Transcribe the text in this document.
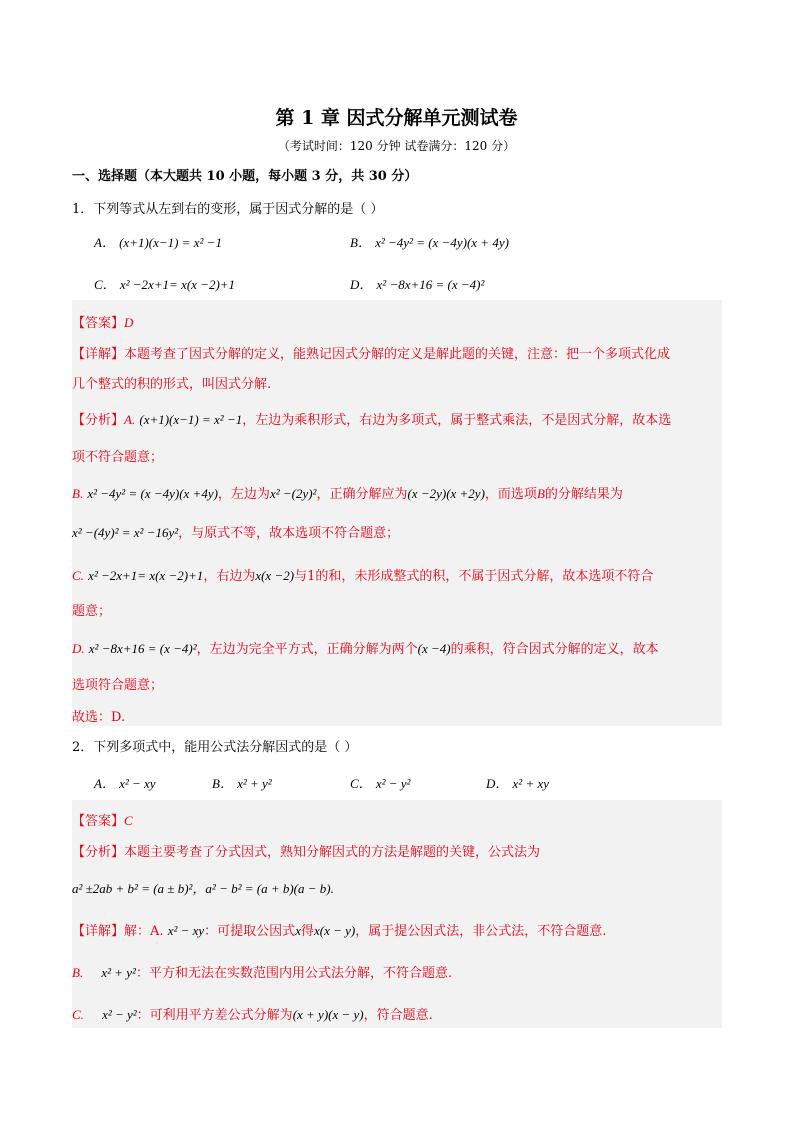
第 1 章 因式分解单元测试卷
（考试时间：120 分钟 试卷满分：120 分）
一、选择题（本大题共 10 小题，每小题 3 分，共 30 分）
1．下列等式从左到右的变形，属于因式分解的是（ ）
A． (x+1)(x−1) = x² −1	B． x² −4y² = (x −4y)(x + 4y)
C． x² −2x+1= x(x −2)+1	D． x² −8x+16 = (x −4)²
【答案】D
【详解】本题考查了因式分解的定义，能熟记因式分解的定义是解此题的关键，注意：把一个多项式化成
几个整式的积的形式，叫因式分解.
【分析】A. (x+1)(x−1) = x² −1，左边为乘积形式，右边为多项式，属于整式乘法，不是因式分解，故本选
项不符合题意；
B. x² −4y² = (x −4y)(x +4y)，左边为x² −(2y)²，正确分解应为(x −2y)(x +2y)，而选项B的分解结果为
x² −(4y)² = x² −16y²，与原式不等，故本选项不符合题意；
C. x² −2x+1= x(x −2)+1，右边为x(x −2)与1的和，未形成整式的积，不属于因式分解，故本选项不符合
题意；
D. x² −8x+16 = (x −4)²，左边为完全平方式，正确分解为两个(x −4)的乘积，符合因式分解的定义，故本
选项符合题意；
故选：D.
2．下列多项式中，能用公式法分解因式的是（ ）
A． x² − xy	B． x² + y²	C． x² − y²	D． x² + xy
【答案】C
【分析】本题主要考查了分式因式，熟知分解因式的方法是解题的关键，公式法为
a² ±2ab + b² = (a ± b)²，a² − b² = (a + b)(a − b).
【详解】解：A. x² − xy：可提取公因式x得x(x − y)，属于提公因式法，非公式法，不符合题意.
B. x² + y²：平方和无法在实数范围内用公式法分解，不符合题意.
C. x² − y²：可利用平方差公式分解为(x + y)(x − y)，符合题意.
